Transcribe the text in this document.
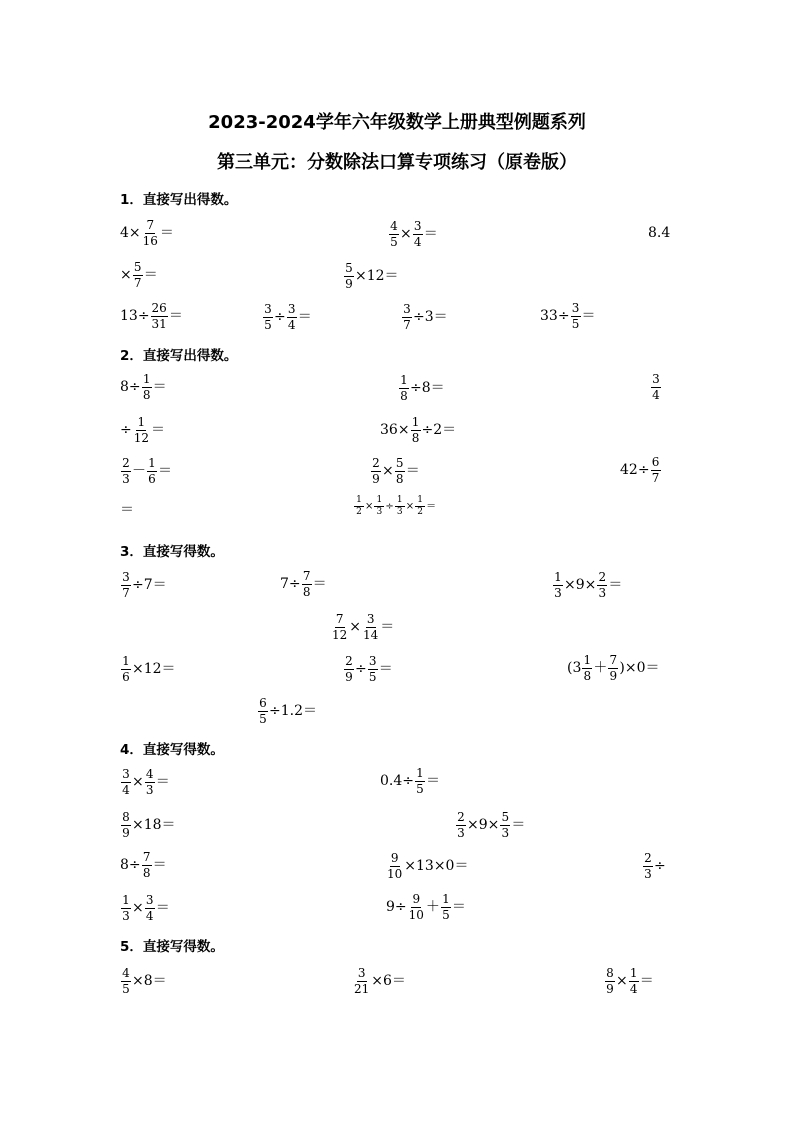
2023-2024学年六年级数学上册典型例题系列
第三单元：分数除法口算专项练习（原卷版）
1．直接写出得数。
$4\times \frac{7}{16}$ ＝	$\frac{4}{5} \times \frac{3}{4}$ ＝	8.4
× $\frac{5}{7}$ ＝	$\frac{5}{9} \times 12=$
$13\div \frac{26}{31}$ ＝	$\frac{3}{5} \div \frac{3}{4}$ ＝	$\frac{3}{7} \div 3=$	$33\div \frac{3}{5}$ ＝
2．直接写出得数。
$8\div \frac{1}{8}$ ＝	$\frac{1}{8} \div 8=$	$\frac{3}{4}$
÷ $\frac{1}{12}$ ＝	$36\times \frac{1}{8} \div 2=$
$\frac{2}{3} - \frac{1}{6}$ ＝	$\frac{2}{9} \times \frac{5}{8}$ ＝	$42\div \frac{6}{7}$
＝	$\frac{1}{2} \times \frac{1}{3} \div \frac{1}{3} \times \frac{1}{2}$ ＝
3．直接写得数。
$\frac{3}{7} \div 7=$	$7\div \frac{7}{8}$ ＝	$\frac{1}{3} \times 9\times \frac{2}{3}$ ＝
$\frac{7}{12} \times \frac{3}{14}$ ＝
$\frac{1}{6} \times 12=$	$\frac{2}{9} \div \frac{3}{5}$ ＝	$(3 \frac{1}{8} + \frac{7}{9} )\times 0=$
$\frac{6}{5} \div 1.2=$
4．直接写得数。
$\frac{3}{4} \times \frac{4}{3}$ ＝	$0.4\div \frac{1}{5}$ ＝
$\frac{8}{9} \times 18=$	$\frac{2}{3} \times 9\times \frac{5}{3}$ ＝
$8\div \frac{7}{8}$ ＝	$\frac{9}{10} \times 13\times 0=$	$\frac{2}{3}$ ÷
$\frac{1}{3} \times \frac{3}{4}$ ＝	$9\div \frac{9}{10} + \frac{1}{5}$ ＝
5．直接写得数。
$\frac{4}{5} \times 8=$	$\frac{3}{21} \times 6=$	$\frac{8}{9} \times \frac{1}{4}$ ＝
